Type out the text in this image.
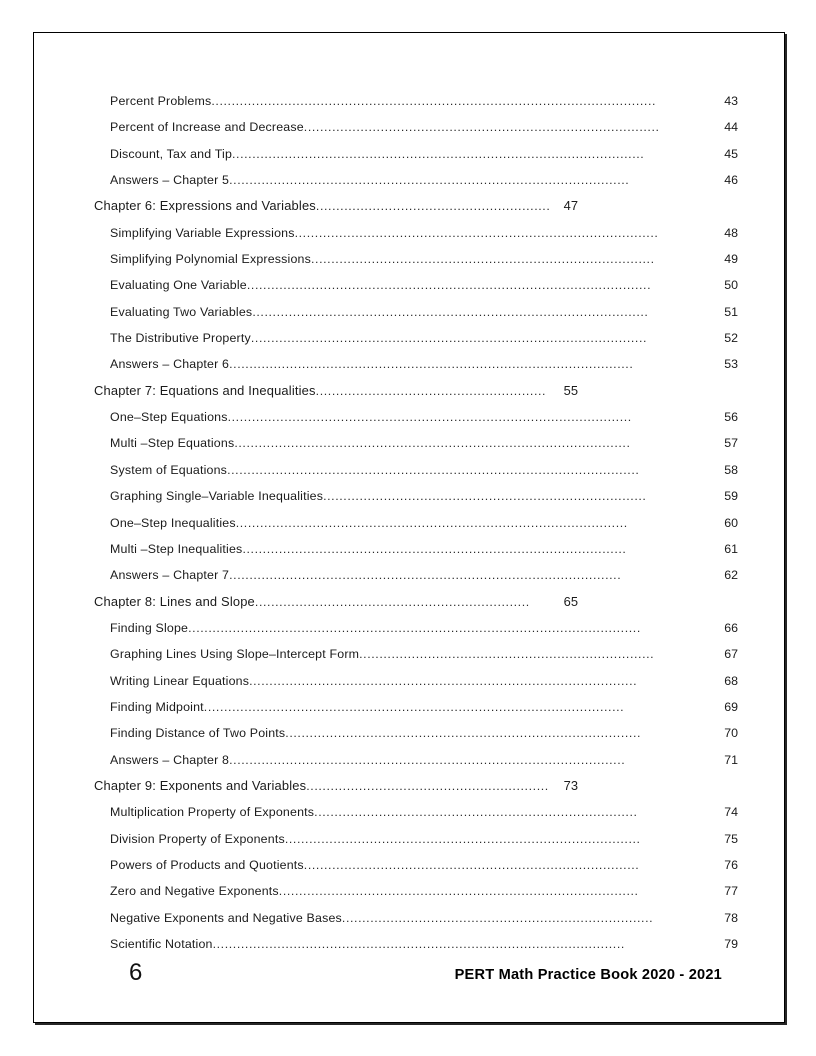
Percent Problems ..............................................................................................................	43
Percent of Increase and Decrease ........................................................................................	44
Discount, Tax and Tip ......................................................................................................	45
Answers – Chapter 5 ...................................................................................................	46
Chapter 6: Expressions and Variables ..........................................................	47
Simplifying Variable Expressions ..........................................................................................	48
Simplifying Polynomial Expressions .....................................................................................	49
Evaluating One Variable ....................................................................................................	50
Evaluating Two Variables ..................................................................................................	51
The Distributive Property ..................................................................................................	52
Answers – Chapter 6 ....................................................................................................	53
Chapter 7: Equations and Inequalities .........................................................	55
One–Step Equations ....................................................................................................	56
Multi –Step Equations ..................................................................................................	57
System of Equations ......................................................................................................	58
Graphing Single–Variable Inequalities ................................................................................	59
One–Step Inequalities .................................................................................................	60
Multi –Step Inequalities ...............................................................................................	61
Answers – Chapter 7 .................................................................................................	62
Chapter 8: Lines and Slope ....................................................................	65
Finding Slope ................................................................................................................	66
Graphing Lines Using Slope–Intercept Form .........................................................................	67
Writing Linear Equations ................................................................................................	68
Finding Midpoint ........................................................................................................	69
Finding Distance of Two Points ........................................................................................	70
Answers – Chapter 8 ..................................................................................................	71
Chapter 9: Exponents and Variables ............................................................	73
Multiplication Property of Exponents ................................................................................	74
Division Property of Exponents ........................................................................................	75
Powers of Products and Quotients ...................................................................................	76
Zero and Negative Exponents .........................................................................................	77
Negative Exponents and Negative Bases .............................................................................	78
Scientific Notation ......................................................................................................	79
6	PERT Math Practice Book 2020 - 2021
